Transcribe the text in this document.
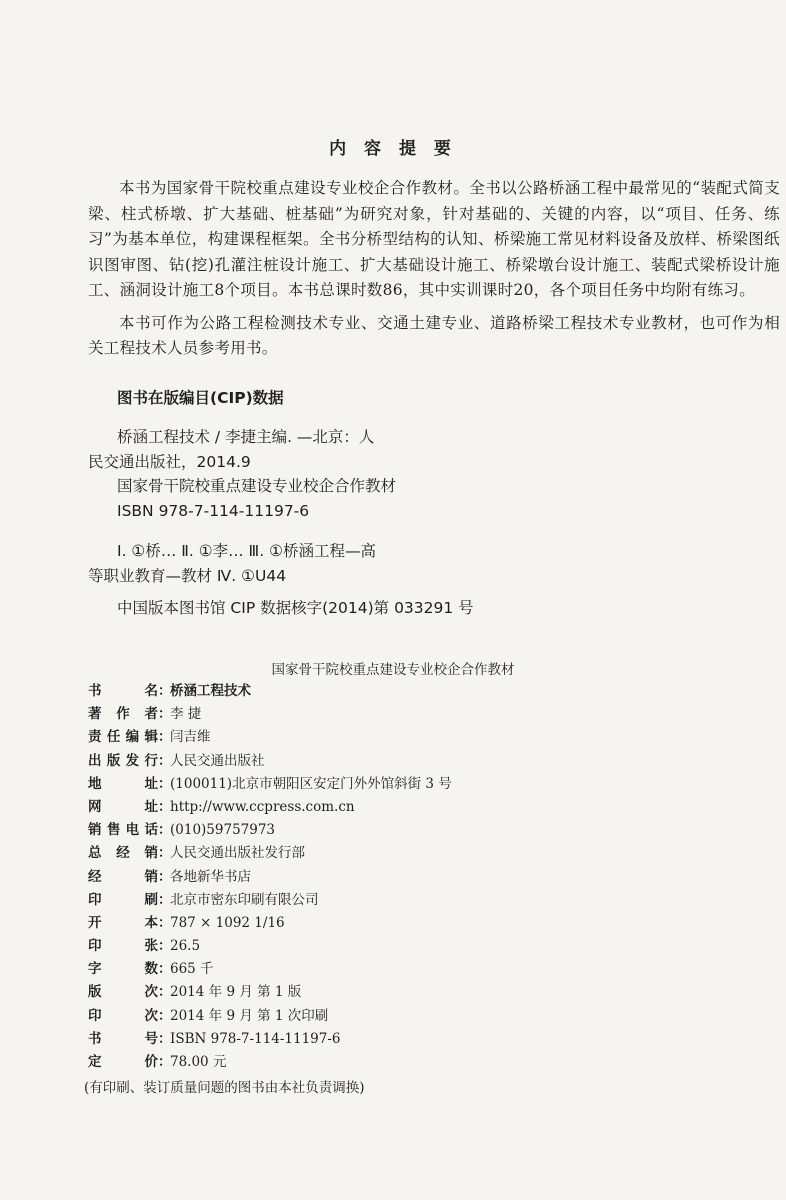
内 容 提 要

本书为国家骨干院校重点建设专业校企合作教材。全书以公路桥涵工程中最常见的“装配式简支梁、柱式桥墩、扩大基础、桩基础”为研究对象，针对基础的、关键的内容，以“项目、任务、练习”为基本单位，构建课程框架。全书分桥型结构的认知、桥梁施工常见材料设备及放样、桥梁图纸识图审图、钻(挖)孔灌注桩设计施工、扩大基础设计施工、桥梁墩台设计施工、装配式梁桥设计施工、涵洞设计施工8个项目。本书总课时数86，其中实训课时20，各个项目任务中均附有练习。

本书可作为公路工程检测技术专业、交通土建专业、道路桥梁工程技术专业教材，也可作为相关工程技术人员参考用书。

图书在版编目(CIP)数据
桥涵工程技术 / 李捷主编. —北京：人
民交通出版社，2014.9
国家骨干院校重点建设专业校企合作教材
ISBN 978-7-114-11197-6
Ⅰ. ①桥… Ⅱ. ①李… Ⅲ. ①桥涵工程—高
等职业教育—教材 Ⅳ. ①U44
中国版本图书馆 CIP 数据核字(2014)第 033291 号
国家骨干院校重点建设专业校企合作教材
书名 ：
桥涵工程技术
著作者 ：
李 捷
责任编辑 ：
闫吉维
出版发行 ：
人民交通出版社
地址 ：
(100011)北京市朝阳区安定门外外馆斜街 3 号
网址 ：
http://www.ccpress.com.cn
销售电话 ：
(010)59757973
总经销 ：
人民交通出版社发行部
经销 ：
各地新华书店
印刷 ：
北京市密东印刷有限公司
开本 ：
787 × 1092 1/16
印张 ：
26.5
字数 ：
665 千
版次 ：
2014 年 9 月 第 1 版
印次 ：
2014 年 9 月 第 1 次印刷
书号 ：
ISBN 978-7-114-11197-6
定价 ：
78.00 元
(有印刷、装订质量问题的图书由本社负责调换)
